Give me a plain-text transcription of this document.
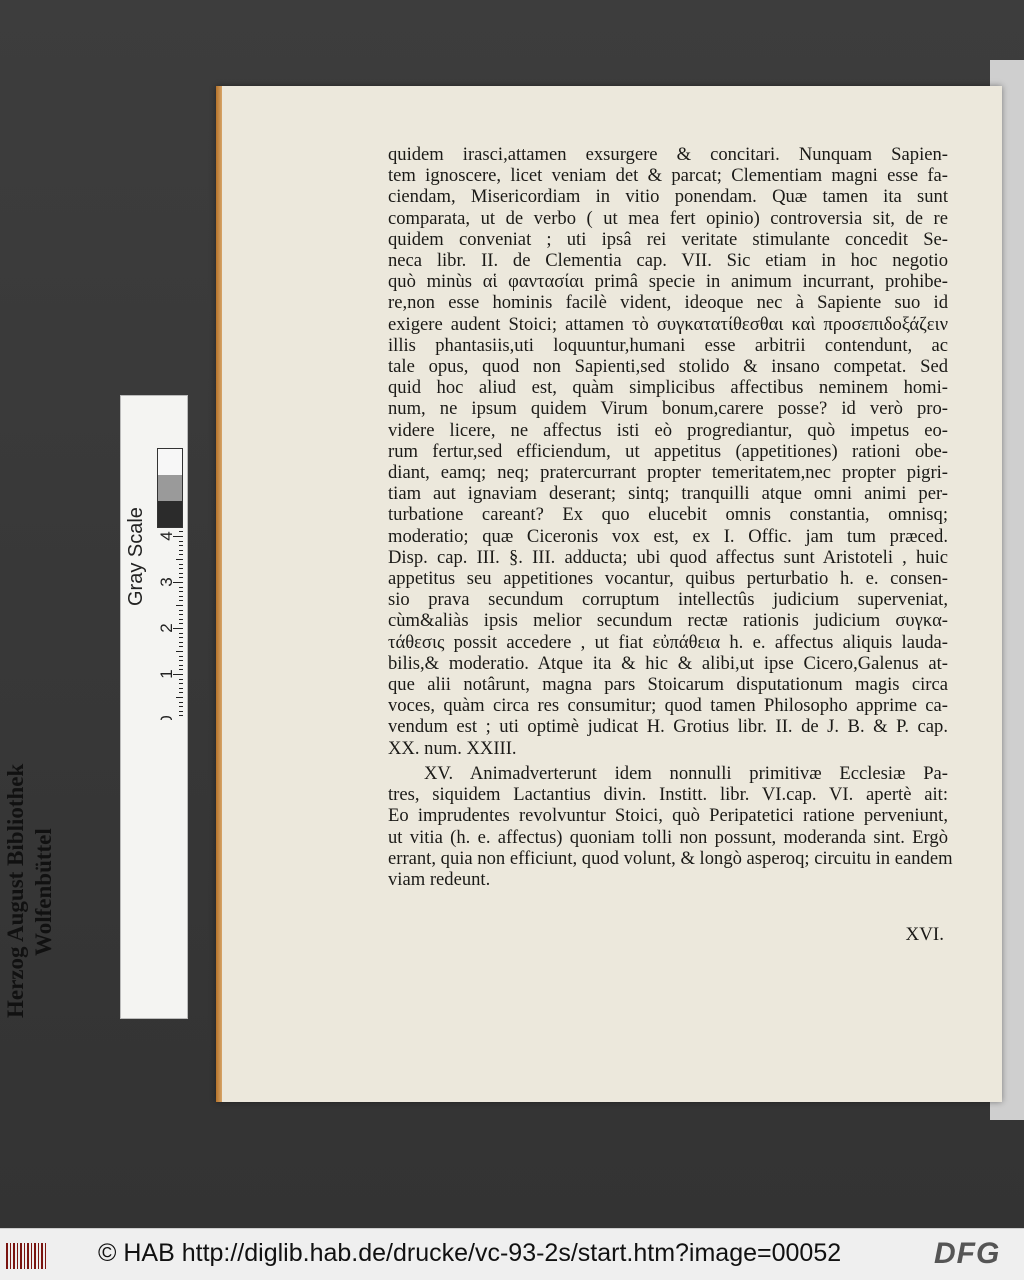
quidem irasci,attamen exsurgere & concitari. Nunquam Sapien-
tem ignoscere, licet veniam det & parcat; Clementiam magni esse fa-
ciendam, Misericordiam in vitio ponendam. Quæ tamen ita sunt
comparata, ut de verbo ( ut mea fert opinio) controversia sit, de re
quidem conveniat ; uti ipsâ rei veritate stimulante concedit Se-
neca libr. II. de Clementia cap. VII. Sic etiam in hoc negotio
quò minùs αἱ φαντασίαι primâ specie in animum incurrant, prohibe-
re,non esse hominis facilè vident, ideoque nec à Sapiente suo id
exigere audent Stoici; attamen τὸ συγκατατίθεσθαι καὶ προσεπιδοξάζειν
illis phantasiis,uti loquuntur,humani esse arbitrii contendunt, ac
tale opus, quod non Sapienti,sed stolido & insano competat. Sed
quid hoc aliud est, quàm simplicibus affectibus neminem homi-
num, ne ipsum quidem Virum bonum,carere posse? id verò pro-
videre licere, ne affectus isti eò progrediantur, quò impetus eo-
rum fertur,sed efficiendum, ut appetitus (appetitiones) rationi obe-
diant, eamq; neq; pratercurrant propter temeritatem,nec propter pigri-
tiam aut ignaviam deserant; sintq; tranquilli atque omni animi per-
turbatione careant? Ex quo elucebit omnis constantia, omnisq;
moderatio; quæ Ciceronis vox est, ex I. Offic. jam tum præced.
Disp. cap. III. §. III. adducta; ubi quod affectus sunt Aristoteli , huic
appetitus seu appetitiones vocantur, quibus perturbatio h. e. consen-
sio prava secundum corruptum intellectûs judicium superveniat,
cùm&aliàs ipsis melior secundum rectæ rationis judicium συγκα-
τάθεσις possit accedere , ut fiat εὐπάθεια h. e. affectus aliquis lauda-
bilis,& moderatio. Atque ita & hic & alibi,ut ipse Cicero,Galenus at-
que alii notârunt, magna pars Stoicarum disputationum magis circa
voces, quàm circa res consumitur; quod tamen Philosopho apprime ca-
vendum est ; uti optimè judicat H. Grotius libr. II. de J. B. & P. cap.
XX. num. XXIII.
XV. Animadverterunt idem nonnulli primitivæ Ecclesiæ Pa-
tres, siquidem Lactantius divin. Institt. libr. VI.cap. VI. apertè ait:
Eo imprudentes revolvuntur Stoici, quò Peripatetici ratione perveniunt,
ut vitia (h. e. affectus) quoniam tolli non possunt, moderanda sint. Ergò
errant, quia non efficiunt, quod volunt, & longò asperoq; circuitu in eandem
viam redeunt.
XVI.
Gray Scale
1
2
3
4
Herzog August Bibliothek Wolfenbüttel
© HAB http://diglib.hab.de/drucke/vc-93-2s/start.htm?image=00052	DFG
